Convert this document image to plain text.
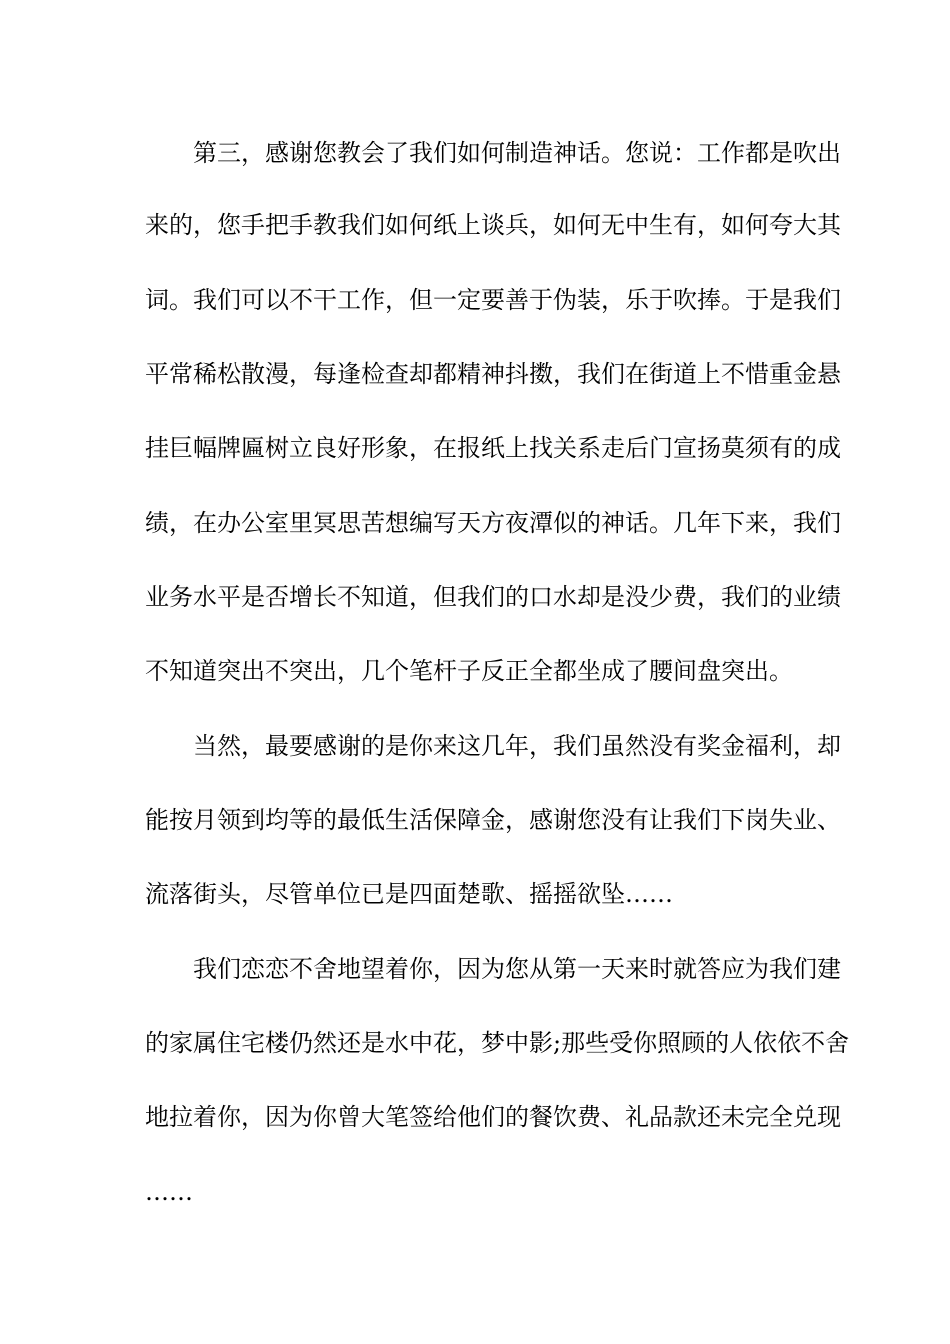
第三，感谢您教会了我们如何制造神话。您说：工作都是吹出
来的，您手把手教我们如何纸上谈兵，如何无中生有，如何夸大其
词。我们可以不干工作，但一定要善于伪装，乐于吹捧。于是我们
平常稀松散漫，每逢检查却都精神抖擞，我们在街道上不惜重金悬
挂巨幅牌匾树立良好形象，在报纸上找关系走后门宣扬莫须有的成
绩，在办公室里冥思苦想编写天方夜潭似的神话。几年下来，我们
业务水平是否增长不知道，但我们的口水却是没少费，我们的业绩
不知道突出不突出，几个笔杆子反正全都坐成了腰间盘突出。
当然，最要感谢的是你来这几年，我们虽然没有奖金福利，却
能按月领到均等的最低生活保障金，感谢您没有让我们下岗失业、
流落街头，尽管单位已是四面楚歌、摇摇欲坠……
我们恋恋不舍地望着你，因为您从第一天来时就答应为我们建
的家属住宅楼仍然还是水中花，梦中影;那些受你照顾的人依依不舍
地拉着你，因为你曾大笔签给他们的餐饮费、礼品款还未完全兑现
……
